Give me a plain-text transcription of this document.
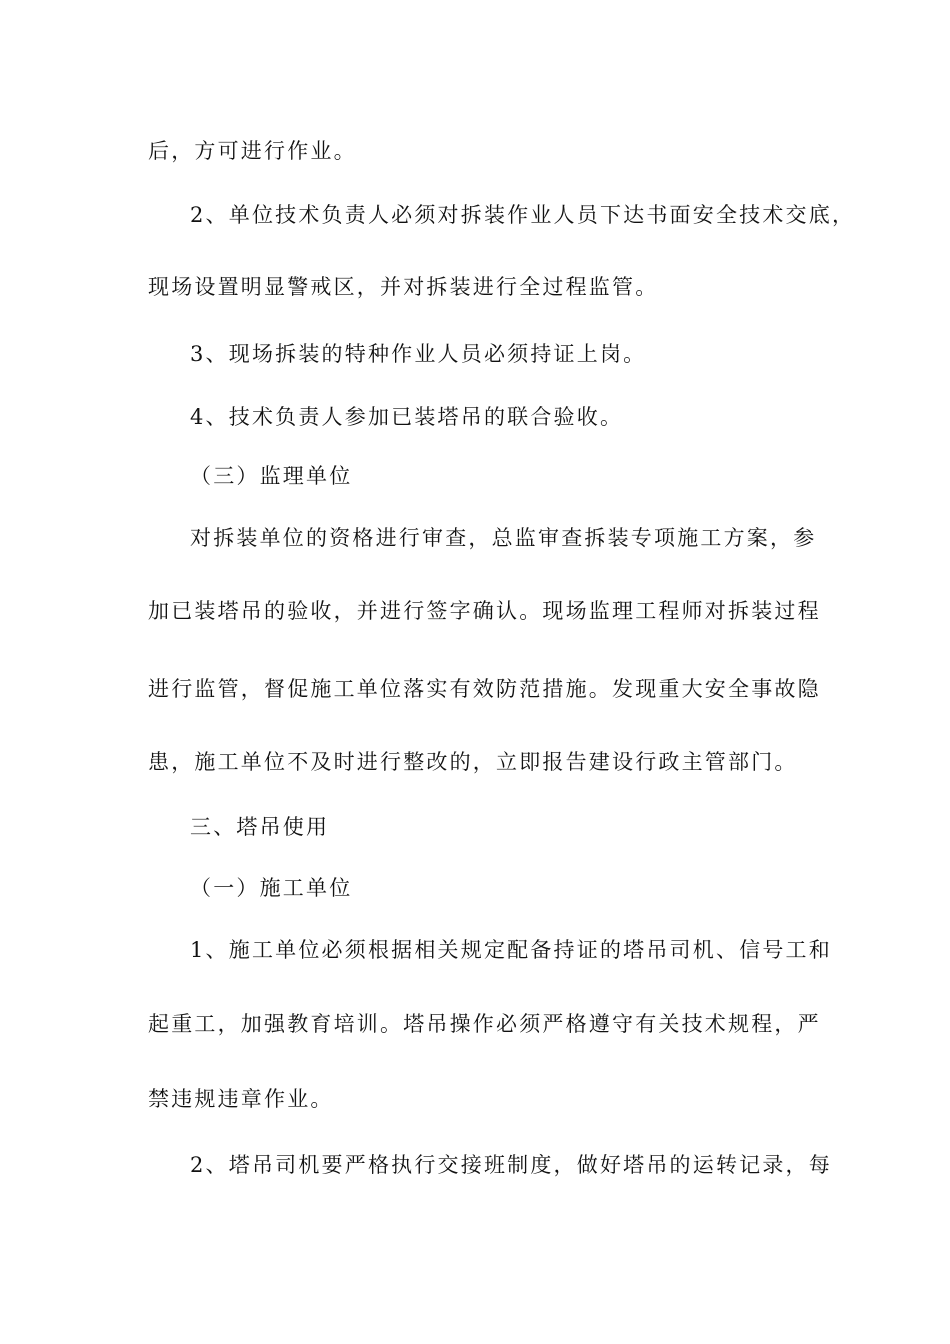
后，方可进行作业。
2、单位技术负责人必须对拆装作业人员下达书面安全技术交底，
现场设置明显警戒区，并对拆装进行全过程监管。
3、现场拆装的特种作业人员必须持证上岗。
4、技术负责人参加已装塔吊的联合验收。
（三）监理单位
对拆装单位的资格进行审查，总监审查拆装专项施工方案，参
加已装塔吊的验收，并进行签字确认。现场监理工程师对拆装过程
进行监管，督促施工单位落实有效防范措施。发现重大安全事故隐
患，施工单位不及时进行整改的，立即报告建设行政主管部门。
三、塔吊使用
（一）施工单位
1、施工单位必须根据相关规定配备持证的塔吊司机、信号工和
起重工，加强教育培训。塔吊操作必须严格遵守有关技术规程，严
禁违规违章作业。
2、塔吊司机要严格执行交接班制度，做好塔吊的运转记录，每
